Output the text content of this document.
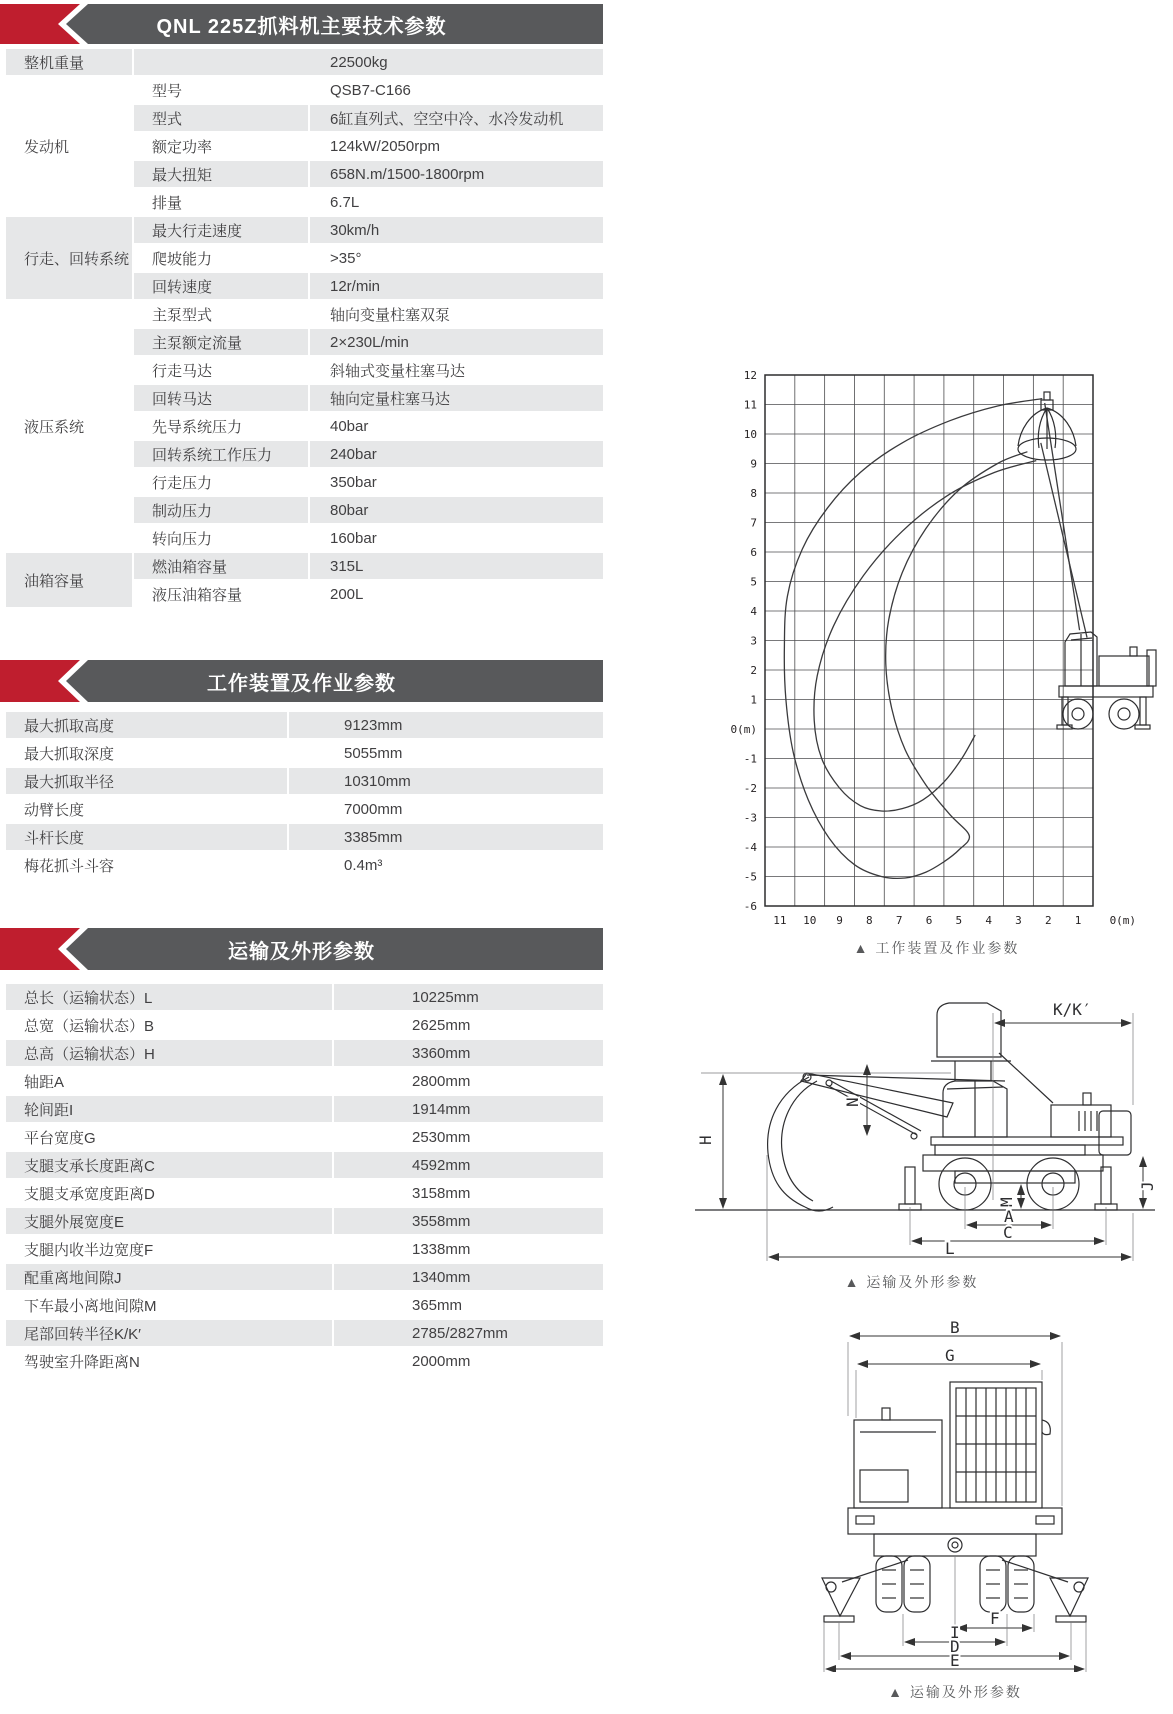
QNL 225Z抓料机主要技术参数
整机重量	22500kg	
发动机	型号	QSB7-C166
	型式	6缸直列式、空空中冷、水冷发动机
	额定功率	124kW/2050rpm
	最大扭矩	658N.m/1500-1800rpm
	排量	6.7L
行走、回转系统	最大行走速度	30km/h
	爬坡能力	>35°
	回转速度	12r/min
液压系统	主泵型式	轴向变量柱塞双泵
	主泵额定流量	2×230L/min
	行走马达	斜轴式变量柱塞马达
	回转马达	轴向定量柱塞马达
	先导系统压力	40bar
	回转系统工作压力	240bar
	行走压力	350bar
	制动压力	80bar
	转向压力	160bar
油箱容量	燃油箱容量	315L
	液压油箱容量	200L
工作装置及作业参数
最大抓取高度	9123mm
最大抓取深度	5055mm
最大抓取半径	10310mm
动臂长度	7000mm
斗杆长度	3385mm
梅花抓斗斗容	0.4m³
运输及外形参数
总长（运输状态）L	10225mm
总宽（运输状态）B	2625mm
总高（运输状态）H	3360mm
轴距A	2800mm
轮间距I	1914mm
平台宽度G	2530mm
支腿支承长度距离C	4592mm
支腿支承宽度距离D	3158mm
支腿外展宽度E	3558mm
支腿内收半边宽度F	1338mm
配重离地间隙J	1340mm
下车最小离地间隙M	365mm
尾部回转半径K/K′	2785/2827mm
驾驶室升降距离N	2000mm
12
11
10
9
8
7
6
5
4
3
2
1
0(m)
-1
-2
-3
-4
-5
-6
11 10 9 8 7 6 5 4 3 2 1	0(m)
▲ 工作装置及作业参数
H
N
K/K′
J
M
A
C
L
▲ 运输及外形参数
B
G
F
I
D
E
▲ 运输及外形参数
